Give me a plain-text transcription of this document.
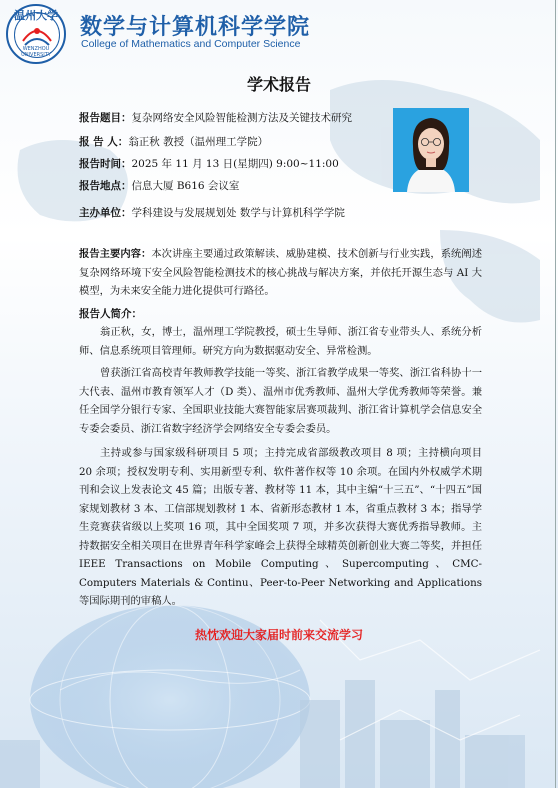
温州大学
WENZHOU UNIVERSITY
数学与计算机科学学院
College of Mathematics and Computer Science
学术报告
报告题目：复杂网络安全风险智能检测方法及关键技术研究
报 告 人：翁正秋 教授（温州理工学院）
报告时间：2025 年 11 月 13 日(星期四) 9:00~11:00
报告地点：信息大厦 B616 会议室
主办单位：学科建设与发展规划处 数学与计算机科学学院
报告主要内容：本次讲座主要通过政策解读、威胁建模、技术创新与行业实践，系统阐述复杂网络环境下安全风险智能检测技术的核心挑战与解决方案，并依托开源生态与 AI 大模型，为未来安全能力进化提供可行路径。
报告人简介：
翁正秋，女，博士，温州理工学院教授，硕士生导师、浙江省专业带头人、系统分析师、信息系统项目管理师。研究方向为数据驱动安全、异常检测。
曾获浙江省高校青年教师教学技能一等奖、浙江省教学成果一等奖、浙江省科协十一大代表、温州市教育领军人才（D 类）、温州市优秀教师、温州大学优秀教师等荣誉。兼任全国学分银行专家、全国职业技能大赛智能家居赛项裁判、浙江省计算机学会信息安全专委会委员、浙江省数字经济学会网络安全专委会委员。
主持或参与国家级科研项目 5 项；主持完成省部级教改项目 8 项；主持横向项目 20 余项；授权发明专利、实用新型专利、软件著作权等 10 余项。在国内外权威学术期刊和会议上发表论文 45 篇；出版专著、教材等 11 本，其中主编“十三五”、“十四五”国家规划教材 3 本、工信部规划教材 1 本、省新形态教材 1 本，省重点教材 3 本；指导学生竞赛获省级以上奖项 16 项，其中全国奖项 7 项，并多次获得大赛优秀指导教师。主持数据安全相关项目在世界青年科学家峰会上获得全球精英创新创业大赛二等奖，并担任 IEEE Transactions on Mobile Computing、Supercomputing、CMC-Computers Materials & Continu、Peer-to-Peer Networking and Applications 等国际期刊的审稿人。
热忱欢迎大家届时前来交流学习
